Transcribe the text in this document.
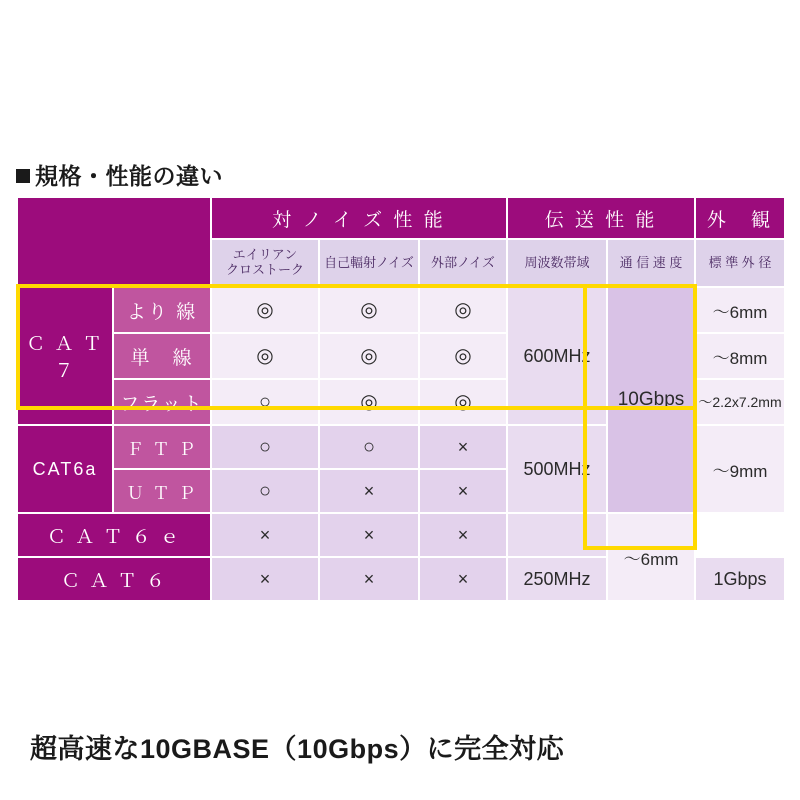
規格・性能の違い
		対 ノ イ ズ 性 能			伝 送 性 能		外　観
		エイリアン
クロストーク	自己輻射ノイズ	外部ノイズ	周波数帯域	通 信 速 度	標 準 外 径
Ｃ Ａ Ｔ ７	より 線	◎	◎	◎	600MHz	10Gbps	〜6mm
	単　線	◎	◎	◎			〜8mm
	フラット	○	◎	◎			〜2.2x7.2mm
CAT6a	Ｆ Ｔ Ｐ	○	○	×	500MHz		〜9mm
	Ｕ Ｔ Ｐ	○	×	×			
Ｃ Ａ Ｔ ６ ｅ		×	×	×		〜6mm	
Ｃ Ａ Ｔ ６		×	×	×	250MHz		1Gbps
超高速な10GBASE（10Gbps）に完全対応
